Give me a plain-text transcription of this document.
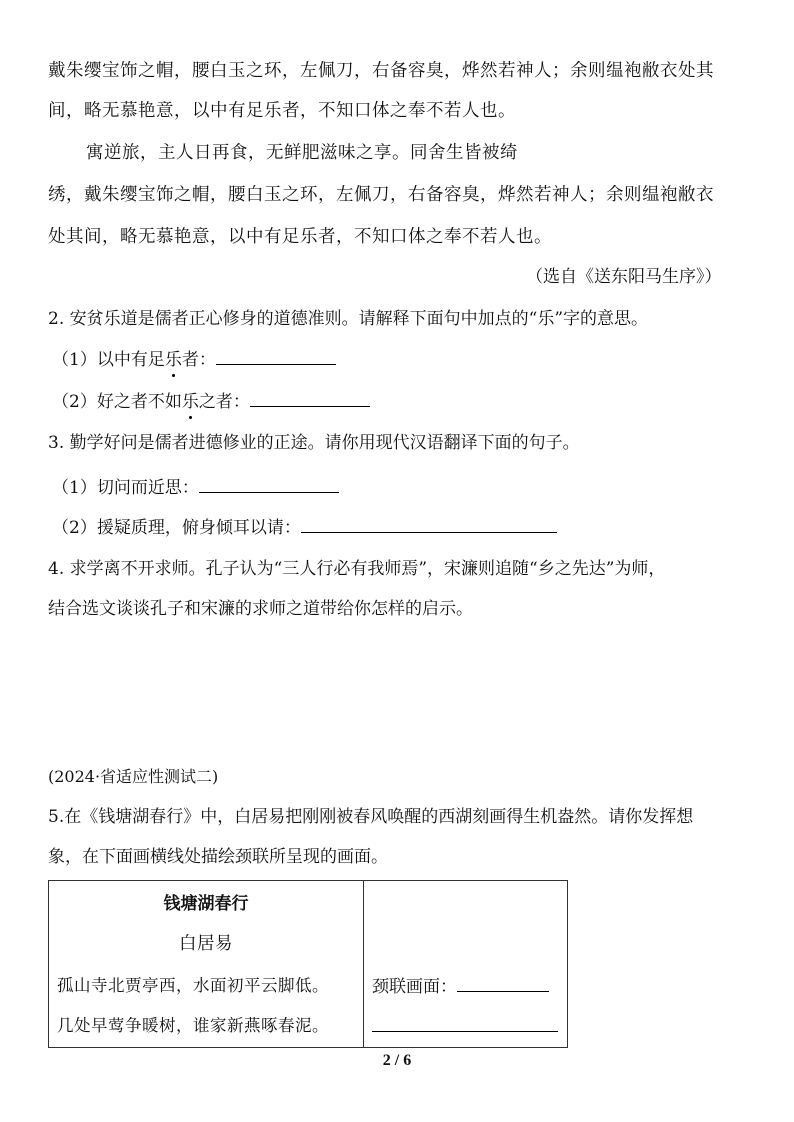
戴朱缨宝饰之帽，腰白玉之环，左佩刀，右备容臭，烨然若神人；余则缊袍敝衣处其
间，略无慕艳意，以中有足乐者，不知口体之奉不若人也。
寓逆旅，主人日再食，无鲜肥滋味之享。同舍生皆被绮
绣，戴朱缨宝饰之帽，腰白玉之环，左佩刀，右备容臭，烨然若神人；余则缊袍敝衣
处其间，略无慕艳意，以中有足乐者，不知口体之奉不若人也。
（选自《送东阳马生序》）
2. 安贫乐道是儒者正心修身的道德准则。请解释下面句中加点的“乐”字的意思。
（1）以中有足乐者：
（2）好之者不如乐之者：
3. 勤学好问是儒者进德修业的正途。请你用现代汉语翻译下面的句子。
（1）切问而近思：
（2）援疑质理，俯身倾耳以请：
4. 求学离不开求师。孔子认为“三人行必有我师焉”，宋濂则追随“乡之先达”为师，
结合选文谈谈孔子和宋濂的求师之道带给你怎样的启示。
(2024·省适应性测试二)
5.在《钱塘湖春行》中，白居易把刚刚被春风唤醒的西湖刻画得生机盎然。请你发挥想
象，在下面画横线处描绘颈联所呈现的画面。
钱塘湖春行
白居易
孤山寺北贾亭西，水面初平云脚低。
几处早莺争暖树，谁家新燕啄春泥。

颈联画面：
2 / 6
